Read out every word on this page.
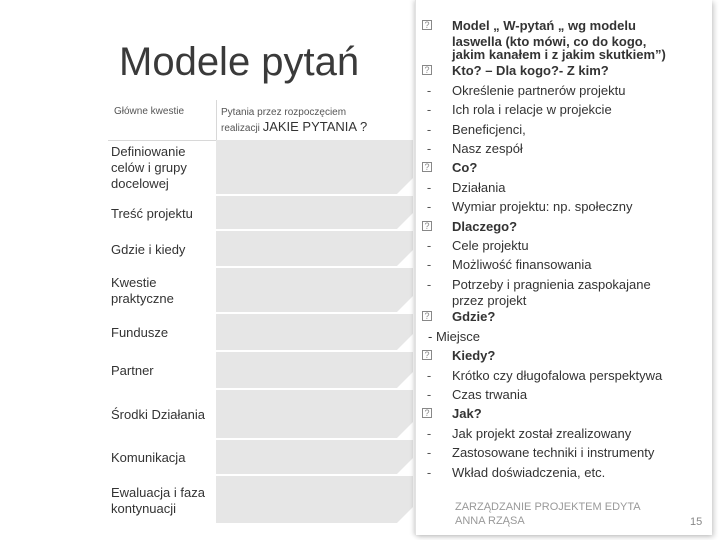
Modele pytań
Główne kwestie	Pytania przez rozpoczęciem
realizacji JAKIE PYTANIA ?
Definiowanie celów i grupy docelowej
Treść projektu
Gdzie i kiedy
Kwestie praktyczne
Fundusze
Partner
Środki Działania
Komunikacja
Ewaluacja i faza kontynuacji
? Model „ W-pytań „ wg modelu
laswella (kto mówi, co do kogo,
jakim kanałem i z jakim skutkiem”)
? Kto? – Dla kogo?- Z kim?
- Określenie partnerów projektu
- Ich rola i relacje w projekcie
- Beneficjenci,
- Nasz zespół
? Co?
- Działania
- Wymiar projektu: np. społeczny
? Dlaczego?
- Cele projektu
- Możliwość finansowania
- Potrzeby i pragnienia zaspokajane
przez projekt
? Gdzie?
- Miejsce
? Kiedy?
- Krótko czy długofalowa perspektywa
- Czas trwania
? Jak?
- Jak projekt został zrealizowany
- Zastosowane techniki i instrumenty
- Wkład doświadczenia, etc.
ZARZĄDZANIE PROJEKTEM EDYTA
ANNA RZĄSA	15
